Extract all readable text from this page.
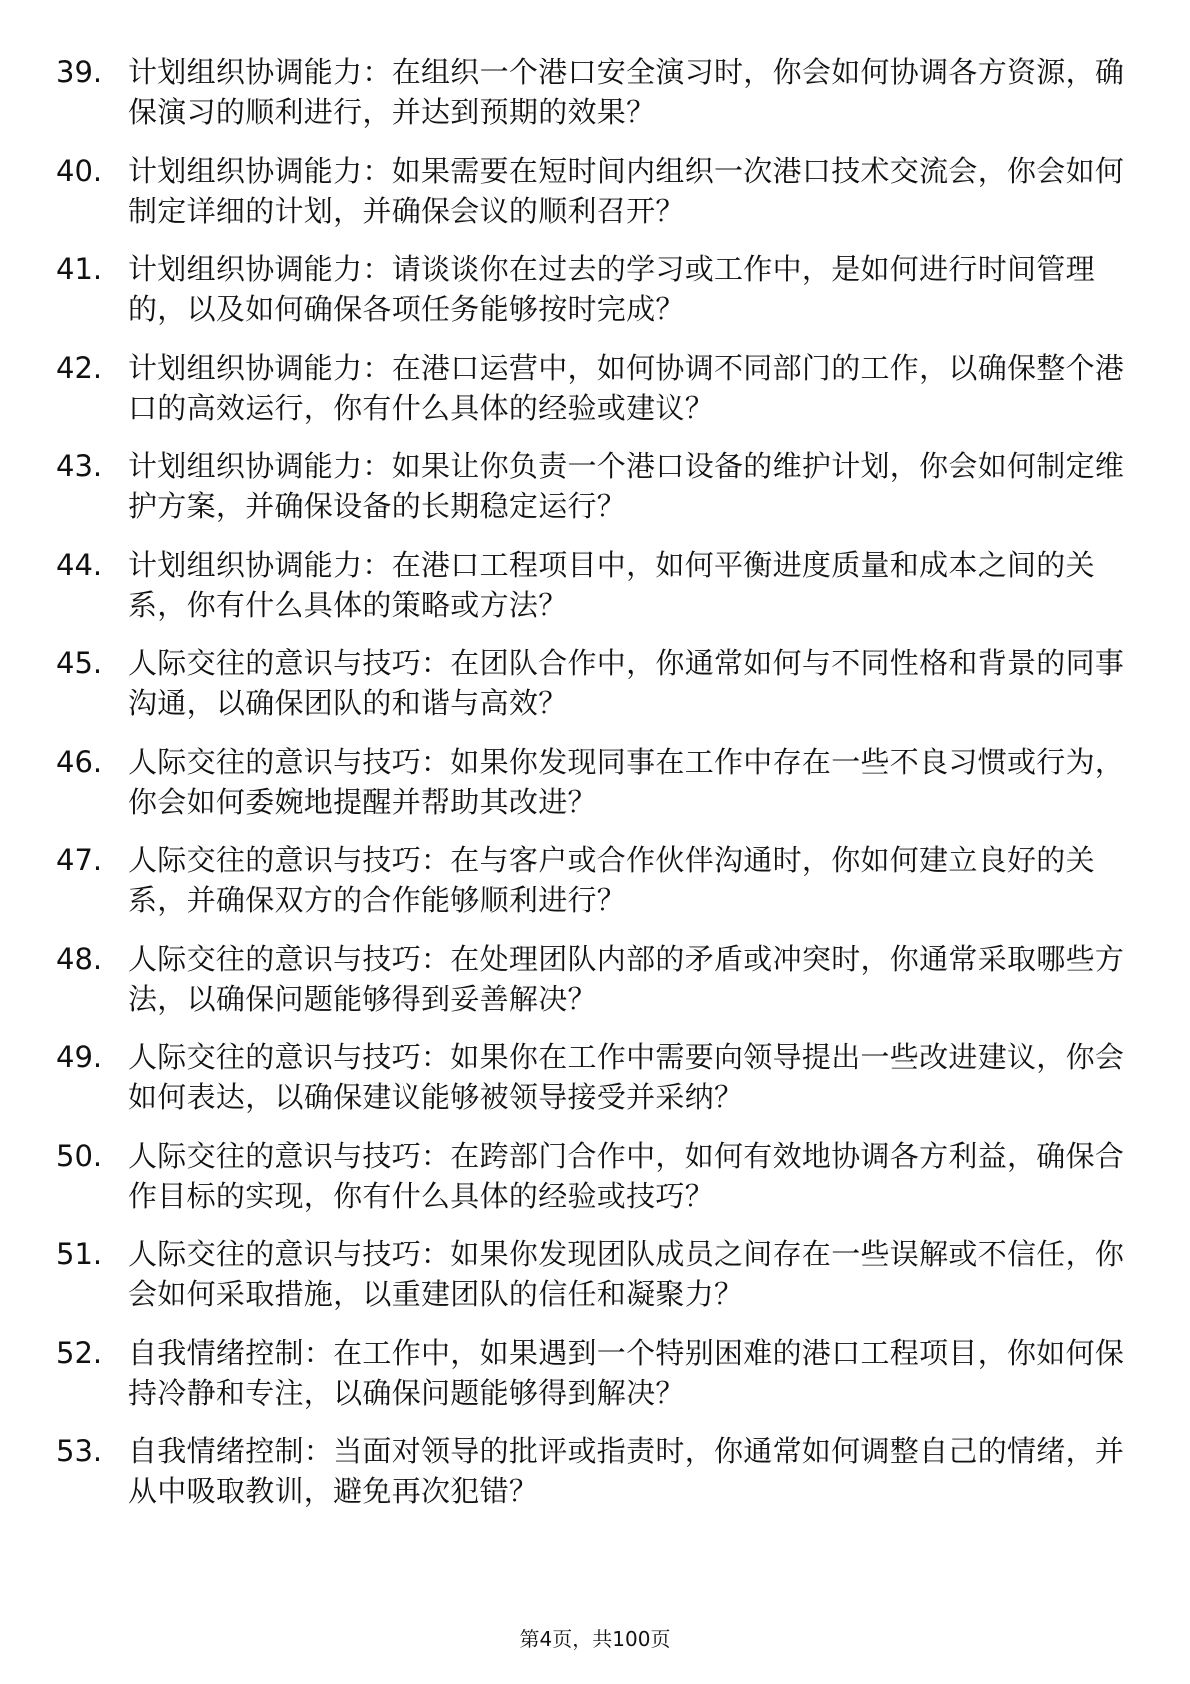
39. 计划组织协调能力：在组织一个港口安全演习时，你会如何协调各方资源，确保演习的顺利进行，并达到预期的效果？
40. 计划组织协调能力：如果需要在短时间内组织一次港口技术交流会，你会如何制定详细的计划，并确保会议的顺利召开？
41. 计划组织协调能力：请谈谈你在过去的学习或工作中，是如何进行时间管理的，以及如何确保各项任务能够按时完成？
42. 计划组织协调能力：在港口运营中，如何协调不同部门的工作，以确保整个港口的高效运行，你有什么具体的经验或建议？
43. 计划组织协调能力：如果让你负责一个港口设备的维护计划，你会如何制定维护方案，并确保设备的长期稳定运行？
44. 计划组织协调能力：在港口工程项目中，如何平衡进度质量和成本之间的关系，你有什么具体的策略或方法？
45. 人际交往的意识与技巧：在团队合作中，你通常如何与不同性格和背景的同事沟通，以确保团队的和谐与高效？
46. 人际交往的意识与技巧：如果你发现同事在工作中存在一些不良习惯或行为，你会如何委婉地提醒并帮助其改进？
47. 人际交往的意识与技巧：在与客户或合作伙伴沟通时，你如何建立良好的关系，并确保双方的合作能够顺利进行？
48. 人际交往的意识与技巧：在处理团队内部的矛盾或冲突时，你通常采取哪些方法，以确保问题能够得到妥善解决？
49. 人际交往的意识与技巧：如果你在工作中需要向领导提出一些改进建议，你会如何表达，以确保建议能够被领导接受并采纳？
50. 人际交往的意识与技巧：在跨部门合作中，如何有效地协调各方利益，确保合作目标的实现，你有什么具体的经验或技巧？
51. 人际交往的意识与技巧：如果你发现团队成员之间存在一些误解或不信任，你会如何采取措施，以重建团队的信任和凝聚力？
52. 自我情绪控制：在工作中，如果遇到一个特别困难的港口工程项目，你如何保持冷静和专注，以确保问题能够得到解决？
53. 自我情绪控制：当面对领导的批评或指责时，你通常如何调整自己的情绪，并从中吸取教训，避免再次犯错？
第4页，共100页
